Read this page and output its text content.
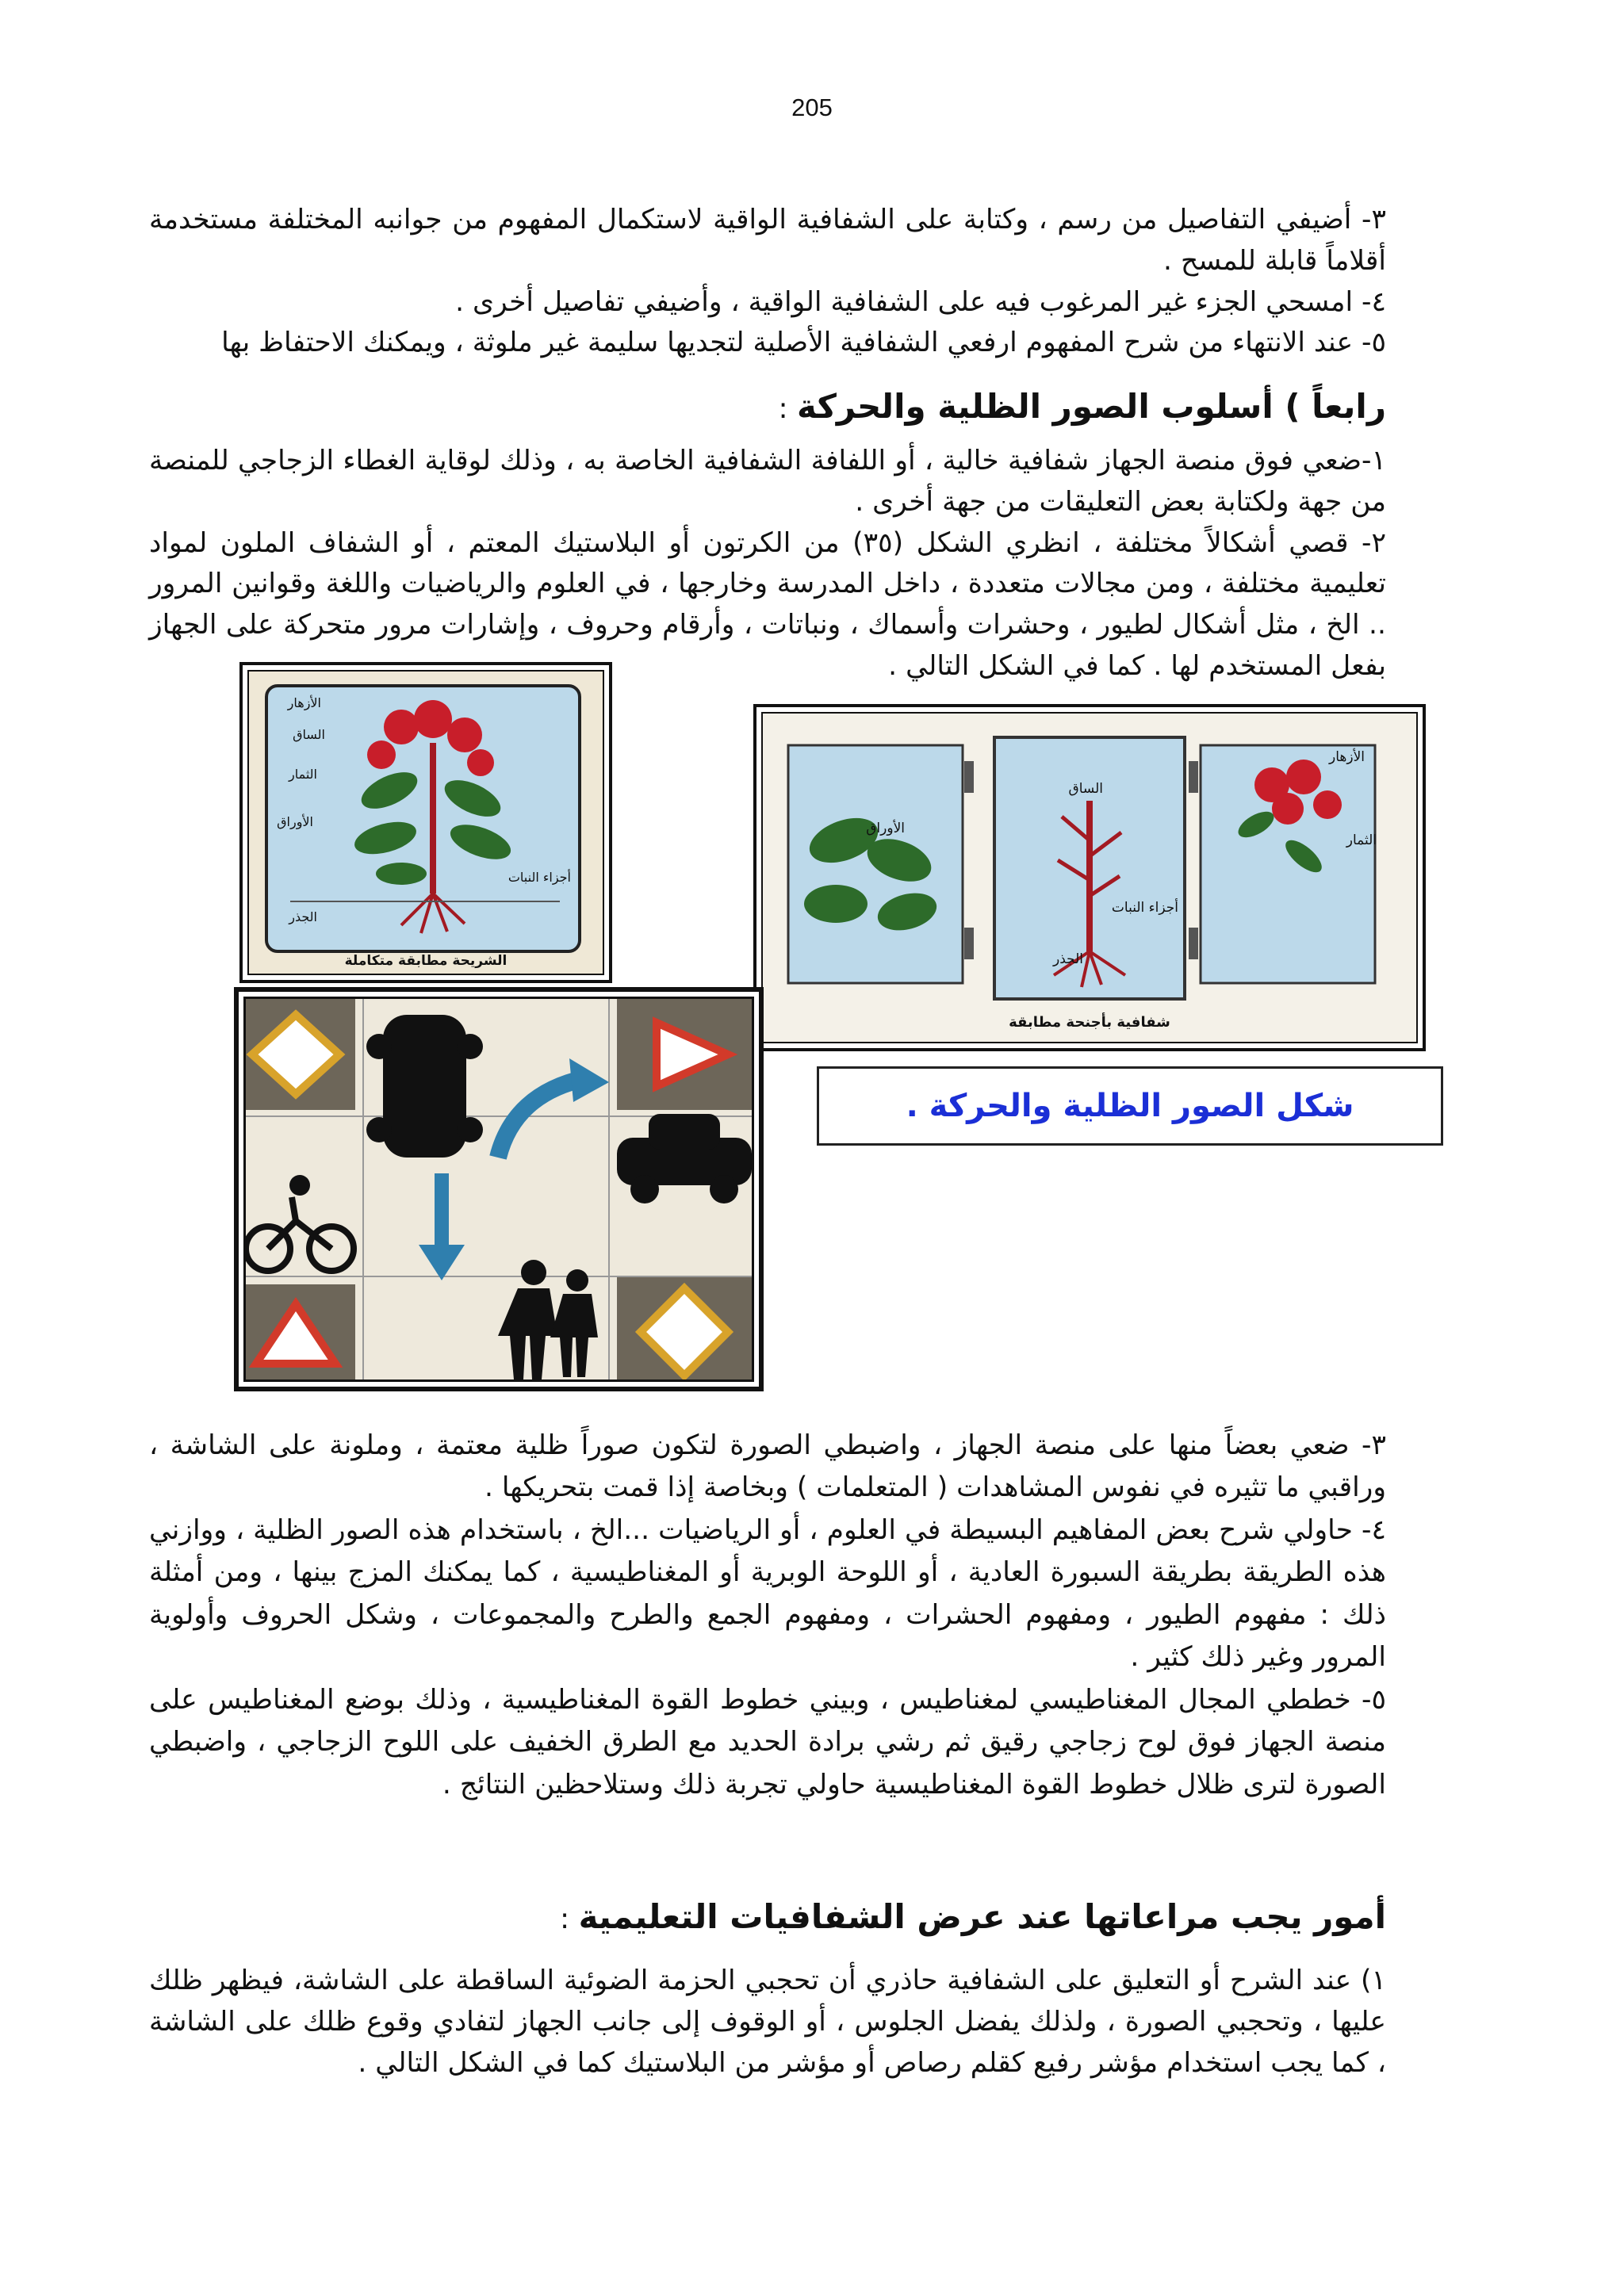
205

٣- أضيفي التفاصيل من رسم ، وكتابة على الشفافية الواقية لاستكمال المفهوم من جوانبه المختلفة مستخدمة أقلاماً قابلة للمسح .

٤- امسحي الجزء غير المرغوب فيه على الشفافية الواقية ، وأضيفي تفاصيل أخرى .

٥- عند الانتهاء من شرح المفهوم ارفعي الشفافية الأصلية لتجديها سليمة غير ملوثة ، ويمكنك الاحتفاظ بها

رابعاً ) أسلوب الصور الظلية والحركة :

١-ضعي فوق منصة الجهاز شفافية خالية ، أو اللفافة الشفافية الخاصة به ، وذلك لوقاية الغطاء الزجاجي للمنصة من جهة ولكتابة بعض التعليقات من جهة أخرى .

٢- قصي أشكالاً مختلفة ، انظري الشكل (٣٥) من الكرتون أو البلاستيك المعتم ، أو الشفاف الملون لمواد تعليمية مختلفة ، ومن مجالات متعددة ، داخل المدرسة وخارجها ، في العلوم والرياضيات واللغة وقوانين المرور .. الخ ، مثل أشكال لطيور ، وحشرات وأسماك ، ونباتات ، وأرقام وحروف ، وإشارات مرور متحركة على الجهاز بفعل المستخدم لها . كما في الشكل التالي .

الأزهار
الساق
الثمار
الأوراق
أجزاء النبات
الجذر
الشريحة مطابقة متكاملة
الأزهار
الثمار
الساق
الأوراق
أجزاء النبات
الجذر
شفافية بأجنحة مطابقة
شكل الصور الظلية والحركة .

٣- ضعي بعضاً منها على منصة الجهاز ، واضبطي الصورة لتكون صوراً ظلية معتمة ، وملونة على الشاشة ، وراقبي ما تثيره في نفوس المشاهدات ( المتعلمات ) وبخاصة إذا قمت بتحريكها .

٤- حاولي شرح بعض المفاهيم البسيطة في العلوم ، أو الرياضيات ...الخ ، باستخدام هذه الصور الظلية ، ووازني هذه الطريقة بطريقة السبورة العادية ، أو اللوحة الوبرية أو المغناطيسية ، كما يمكنك المزج بينها ، ومن أمثلة ذلك : مفهوم الطيور ، ومفهوم الحشرات ، ومفهوم الجمع والطرح والمجموعات ، وشكل الحروف وأولوية المرور وغير ذلك كثير .

٥- خططي المجال المغناطيسي لمغناطيس ، وبيني خطوط القوة المغناطيسية ، وذلك بوضع المغناطيس على منصة الجهاز فوق لوح زجاجي رقيق ثم رشي برادة الحديد مع الطرق الخفيف على اللوح الزجاجي ، واضبطي الصورة لترى ظلال خطوط القوة المغناطيسية حاولي تجربة ذلك وستلاحظين النتائج .

أمور يجب مراعاتها عند عرض الشفافيات التعليمية :

١) عند الشرح أو التعليق على الشفافية حاذري أن تحجبي الحزمة الضوئية الساقطة على الشاشة، فيظهر ظلك عليها ، وتحجبي الصورة ، ولذلك يفضل الجلوس ، أو الوقوف إلى جانب الجهاز لتفادي وقوع ظلك على الشاشة ، كما يجب استخدام مؤشر رفيع كقلم رصاص أو مؤشر من البلاستيك كما في الشكل التالي .
